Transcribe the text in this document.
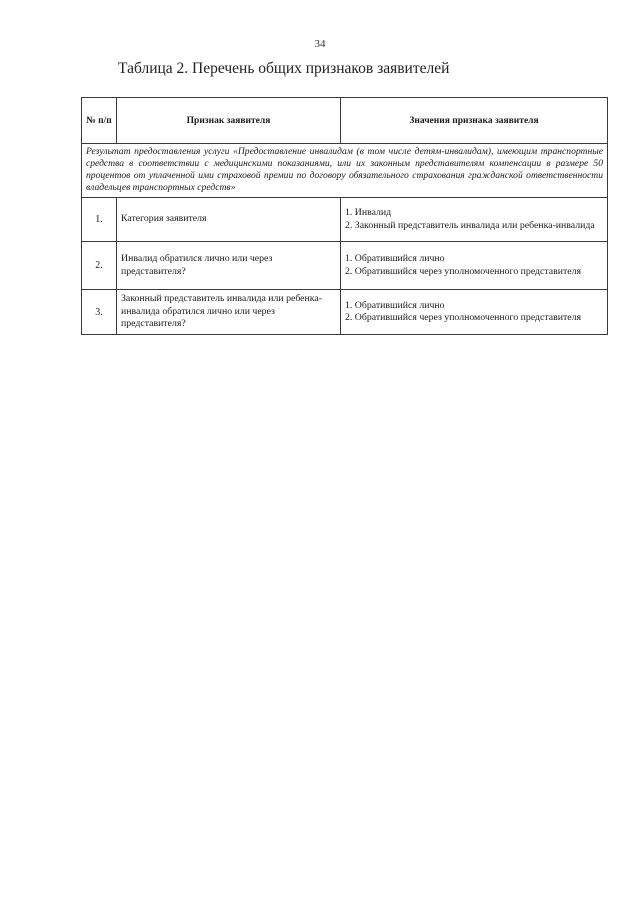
34
Таблица 2. Перечень общих признаков заявителей
№ п/п	Признак заявителя	Значения признака заявителя
Результат предоставления услуги «Предоставление инвалидам (в том числе детям-инвалидам), имеющим транспортные средства в соответствии с медицинскими показаниями, или их законным представителям компенсации в размере 50 процентов от уплаченной ими страховой премии по договору обязательного страхования гражданской ответственности владельцев транспортных средств»		
1.	Категория заявителя	1. Инвалид
2. Законный представитель инвалида или ребенка-инвалида

2.	Инвалид обратился лично или через представителя?	1. Обратившийся лично
2. Обратившийся через уполномоченного представителя

3.	Законный представитель инвалида или ребенка-инвалида обратился лично или через представителя?	1. Обратившийся лично
2. Обратившийся через уполномоченного представителя
